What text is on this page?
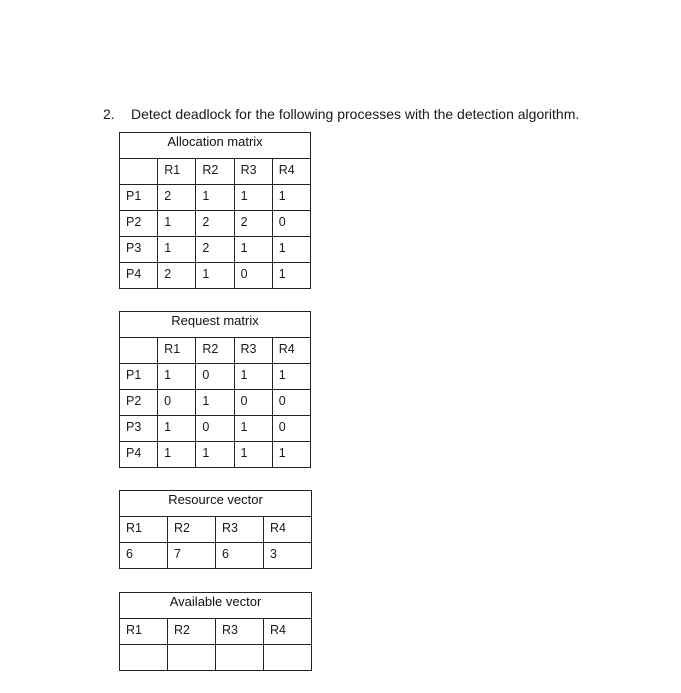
2. Detect deadlock for the following processes with the detection algorithm.
Allocation matrix				
	R1	R2	R3	R4
P1	2	1	1	1
P2	1	2	2	0
P3	1	2	1	1
P4	2	1	0	1
Request matrix				
	R1	R2	R3	R4
P1	1	0	1	1
P2	0	1	0	0
P3	1	0	1	0
P4	1	1	1	1
Resource vector			
R1	R2	R3	R4
6	7	6	3
Available vector			
R1	R2	R3	R4
